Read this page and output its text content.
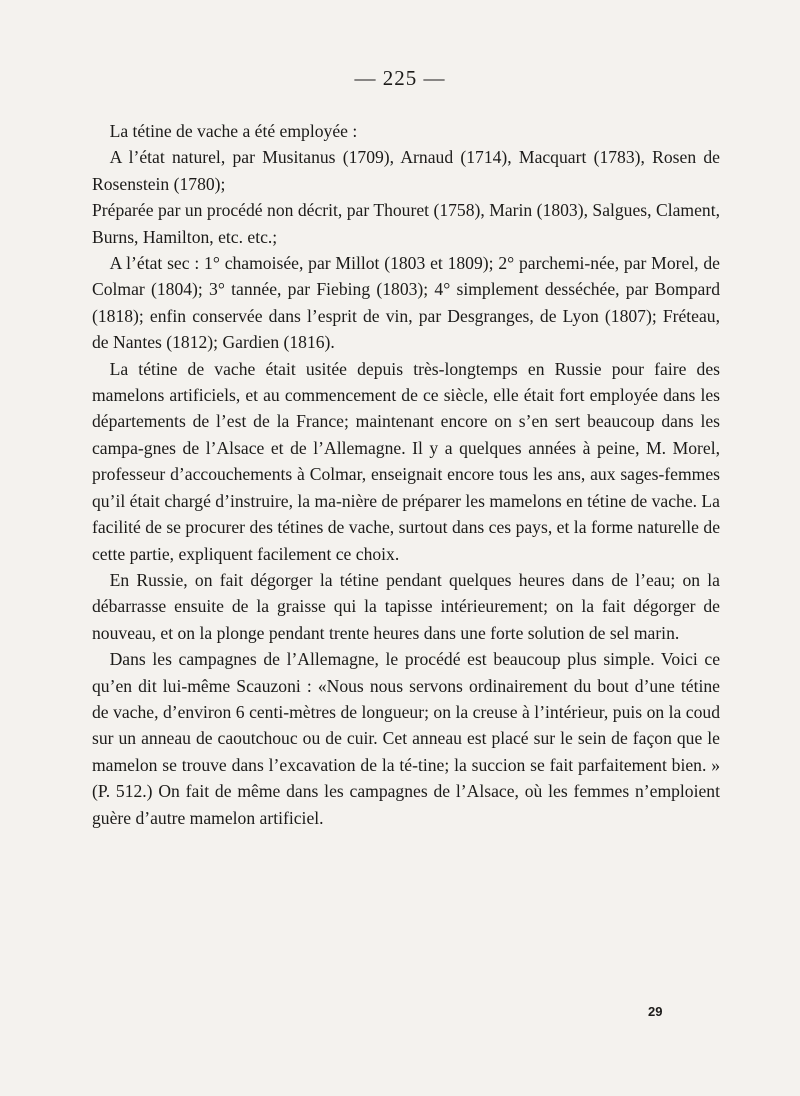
— 225 —

La tétine de vache a été employée :

A l’état naturel, par Musitanus (1709), Arnaud (1714), Macquart (1783), Rosen de Rosenstein (1780);

Préparée par un procédé non décrit, par Thouret (1758), Marin (1803), Salgues, Clament, Burns, Hamilton, etc. etc.;

A l’état sec : 1° chamoisée, par Millot (1803 et 1809); 2° parchemi-née, par Morel, de Colmar (1804); 3° tannée, par Fiebing (1803); 4° simplement desséchée, par Bompard (1818); enfin conservée dans l’esprit de vin, par Desgranges, de Lyon (1807); Fréteau, de Nantes (1812); Gardien (1816).

La tétine de vache était usitée depuis très-longtemps en Russie pour faire des mamelons artificiels, et au commencement de ce siècle, elle était fort employée dans les départements de l’est de la France; maintenant encore on s’en sert beaucoup dans les campa-gnes de l’Alsace et de l’Allemagne. Il y a quelques années à peine, M. Morel, professeur d’accouchements à Colmar, enseignait encore tous les ans, aux sages-femmes qu’il était chargé d’instruire, la ma-nière de préparer les mamelons en tétine de vache. La facilité de se procurer des tétines de vache, surtout dans ces pays, et la forme naturelle de cette partie, expliquent facilement ce choix.

En Russie, on fait dégorger la tétine pendant quelques heures dans de l’eau; on la débarrasse ensuite de la graisse qui la tapisse intérieurement; on la fait dégorger de nouveau, et on la plonge pendant trente heures dans une forte solution de sel marin.

Dans les campagnes de l’Allemagne, le procédé est beaucoup plus simple. Voici ce qu’en dit lui-même Scauzoni : «Nous nous servons ordinairement du bout d’une tétine de vache, d’environ 6 centi-mètres de longueur; on la creuse à l’intérieur, puis on la coud sur un anneau de caoutchouc ou de cuir. Cet anneau est placé sur le sein de façon que le mamelon se trouve dans l’excavation de la té-tine; la succion se fait parfaitement bien. » (P. 512.) On fait de même dans les campagnes de l’Alsace, où les femmes n’emploient guère d’autre mamelon artificiel.

29
